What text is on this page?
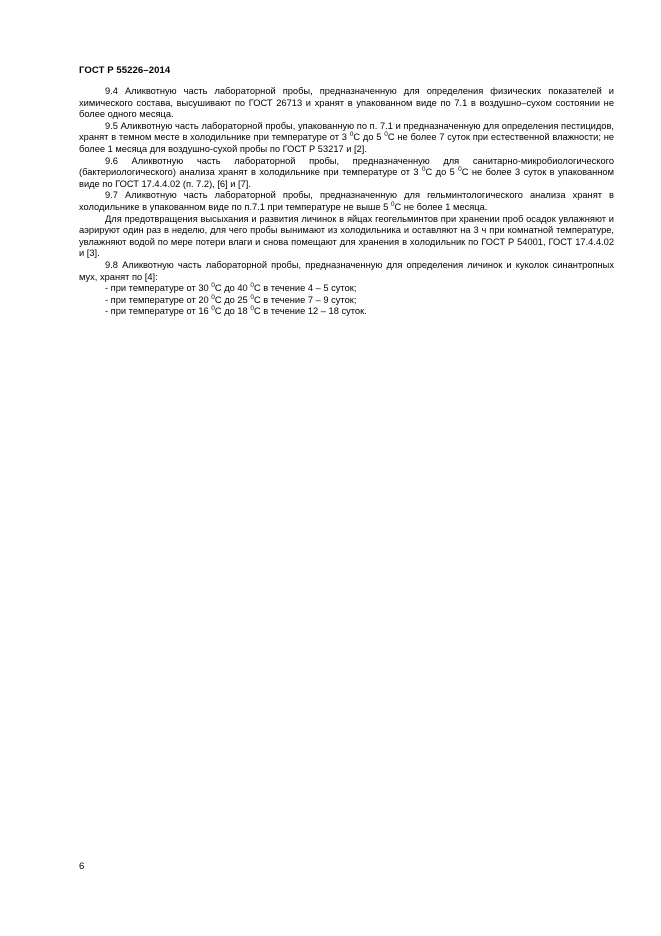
ГОСТ Р 55226–2014

9.4 Аликвотную часть лабораторной пробы, предназначенную для определения физических показателей и химического состава, высушивают по ГОСТ 26713 и хранят в упакованном виде по 7.1 в воздушно–сухом состоянии не более одного месяца.

9.5 Аликвотную часть лабораторной пробы, упакованную по п. 7.1 и предназначенную для определения пестицидов, хранят в темном месте в холодильнике при температуре от 3 $^0$С до 5 $^0$С не более 7 суток при естественной влажности; не более 1 месяца для воздушно-сухой пробы по ГОСТ Р 53217 и [2].

9.6 Аликвотную часть лабораторной пробы, предназначенную для санитарно-микробиологического (бактериологического) анализа хранят в холодильнике при температуре от 3 $^0$С до 5 $^0$С не более 3 суток в упакованном виде по ГОСТ 17.4.4.02 (п. 7.2), [6] и [7].

9.7 Аликвотную часть лабораторной пробы, предназначенную для гельминтологического анализа хранят в холодильнике в упакованном виде по п.7.1 при температуре не выше 5 $^0$С не более 1 месяца.

Для предотвращения высыхания и развития личинок в яйцах геогельминтов при хранении проб осадок увлажняют и аэрируют один раз в неделю, для чего пробы вынимают из холодильника и оставляют на 3 ч при комнатной температуре, увлажняют водой по мере потери влаги и снова помещают для хранения в холодильник по ГОСТ Р 54001, ГОСТ 17.4.4.02 и [3].

9.8 Аликвотную часть лабораторной пробы, предназначенную для определения личинок и куколок синантропных мух, хранят по [4]:

- при температуре от 30 $^0$С до 40 $^0$С в течение 4 – 5 суток;

- при температуре от 20 $^0$С до 25 $^0$С в течение 7 – 9 суток;

- при температуре от 16 $^0$С до 18 $^0$С в течение 12 – 18 суток.

6
